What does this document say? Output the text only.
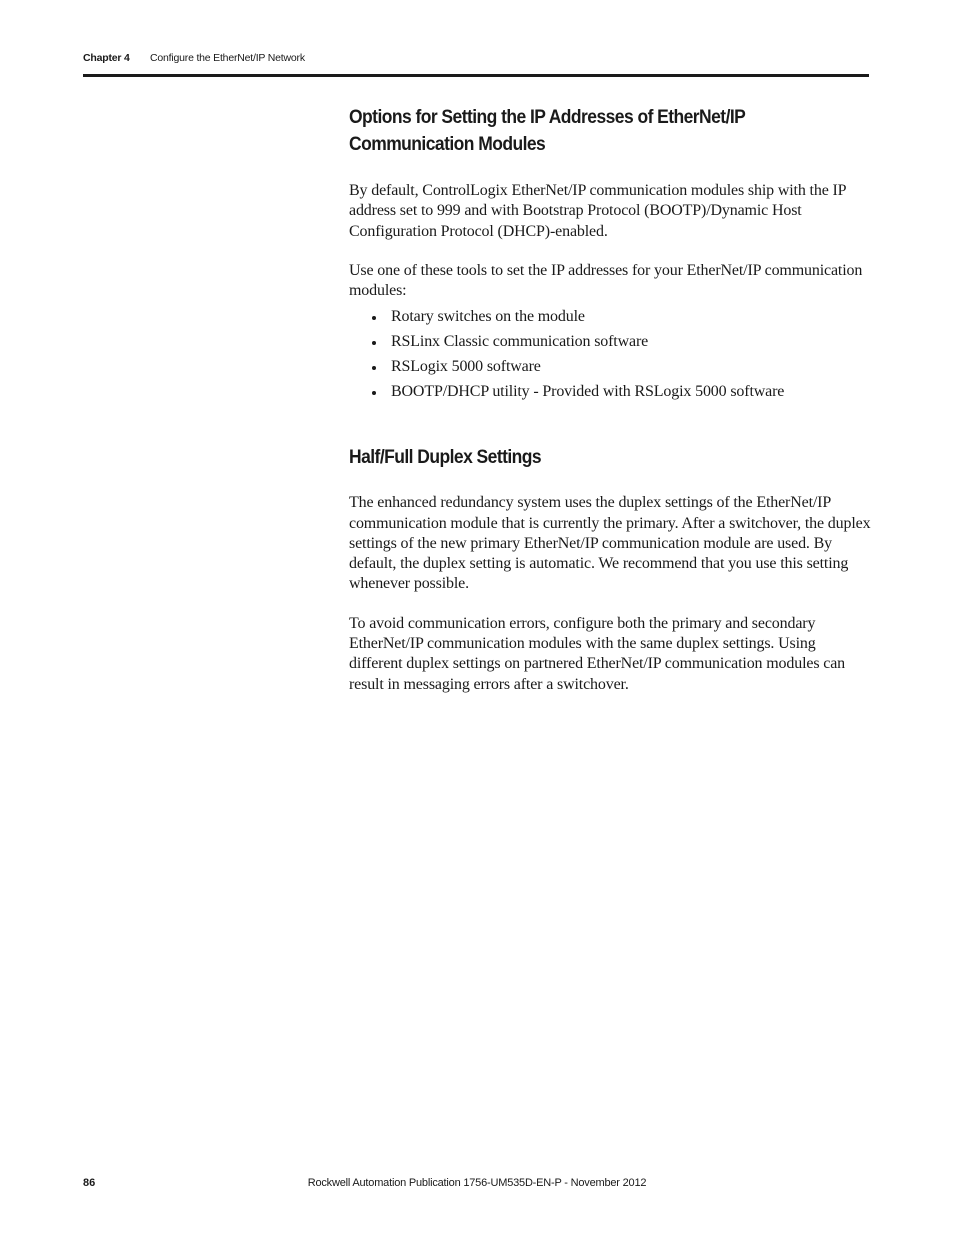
Chapter 4 Configure the EtherNet/IP Network
Options for Setting the IP Addresses of EtherNet/IP Communication Modules

By default, ControlLogix EtherNet/IP communication modules ship with the IP address set to 999 and with Bootstrap Protocol (BOOTP)/Dynamic Host Configuration Protocol (DHCP)-enabled.

Use one of these tools to set the IP addresses for your EtherNet/IP communication modules:

Rotary switches on the module
RSLinx Classic communication software
RSLogix 5000 software
BOOTP/DHCP utility - Provided with RSLogix 5000 software
Half/Full Duplex Settings

The enhanced redundancy system uses the duplex settings of the EtherNet/IP communication module that is currently the primary. After a switchover, the duplex settings of the new primary EtherNet/IP communication module are used. By default, the duplex setting is automatic. We recommend that you use this setting whenever possible.

To avoid communication errors, configure both the primary and secondary EtherNet/IP communication modules with the same duplex settings. Using different duplex settings on partnered EtherNet/IP communication modules can result in messaging errors after a switchover.

86	Rockwell Automation Publication 1756-UM535D-EN-P - November 2012
